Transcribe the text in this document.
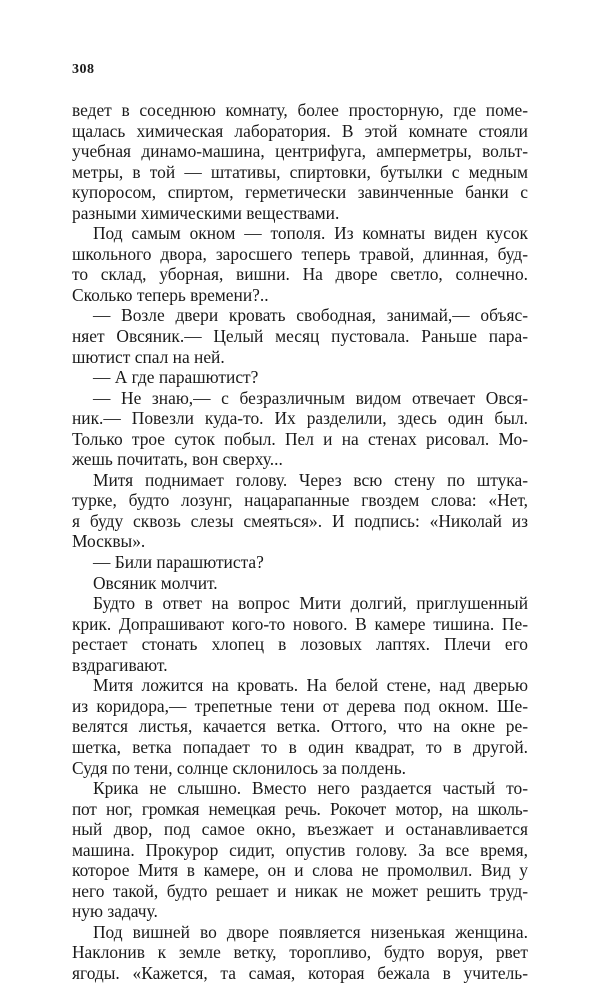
308
ведет в соседнюю комнату, более просторную, где поме-
щалась химическая лаборатория. В этой комнате стояли
учебная динамо-машина, центрифуга, амперметры, вольт-
метры, в той — штативы, спиртовки, бутылки с медным
купоросом, спиртом, герметически завинченные банки с
разными химическими веществами.
Под самым окном — тополя. Из комнаты виден кусок
школьного двора, заросшего теперь травой, длинная, буд-
то склад, уборная, вишни. На дворе светло, солнечно.
Сколько теперь времени?..
— Возле двери кровать свободная, занимай,— объяс-
няет Овсяник.— Целый месяц пустовала. Раньше пара-
шютист спал на ней.
— А где парашютист?
— Не знаю,— с безразличным видом отвечает Овся-
ник.— Повезли куда-то. Их разделили, здесь один был.
Только трое суток побыл. Пел и на стенах рисовал. Мо-
жешь почитать, вон сверху...
Митя поднимает голову. Через всю стену по штука-
турке, будто лозунг, нацарапанные гвоздем слова: «Нет,
я буду сквозь слезы смеяться». И подпись: «Николай из
Москвы».
— Били парашютиста?
Овсяник молчит.
Будто в ответ на вопрос Мити долгий, приглушенный
крик. Допрашивают кого-то нового. В камере тишина. Пе-
рестает стонать хлопец в лозовых лаптях. Плечи его
вздрагивают.
Митя ложится на кровать. На белой стене, над дверью
из коридора,— трепетные тени от дерева под окном. Ше-
велятся листья, качается ветка. Оттого, что на окне ре-
шетка, ветка попадает то в один квадрат, то в другой.
Судя по тени, солнце склонилось за полдень.
Крика не слышно. Вместо него раздается частый то-
пот ног, громкая немецкая речь. Рокочет мотор, на школь-
ный двор, под самое окно, въезжает и останавливается
машина. Прокурор сидит, опустив голову. За все время,
которое Митя в камере, он и слова не промолвил. Вид у
него такой, будто решает и никак не может решить труд-
ную задачу.
Под вишней во дворе появляется низенькая женщина.
Наклонив к земле ветку, торопливо, будто воруя, рвет
ягоды. «Кажется, та самая, которая бежала в учитель-
